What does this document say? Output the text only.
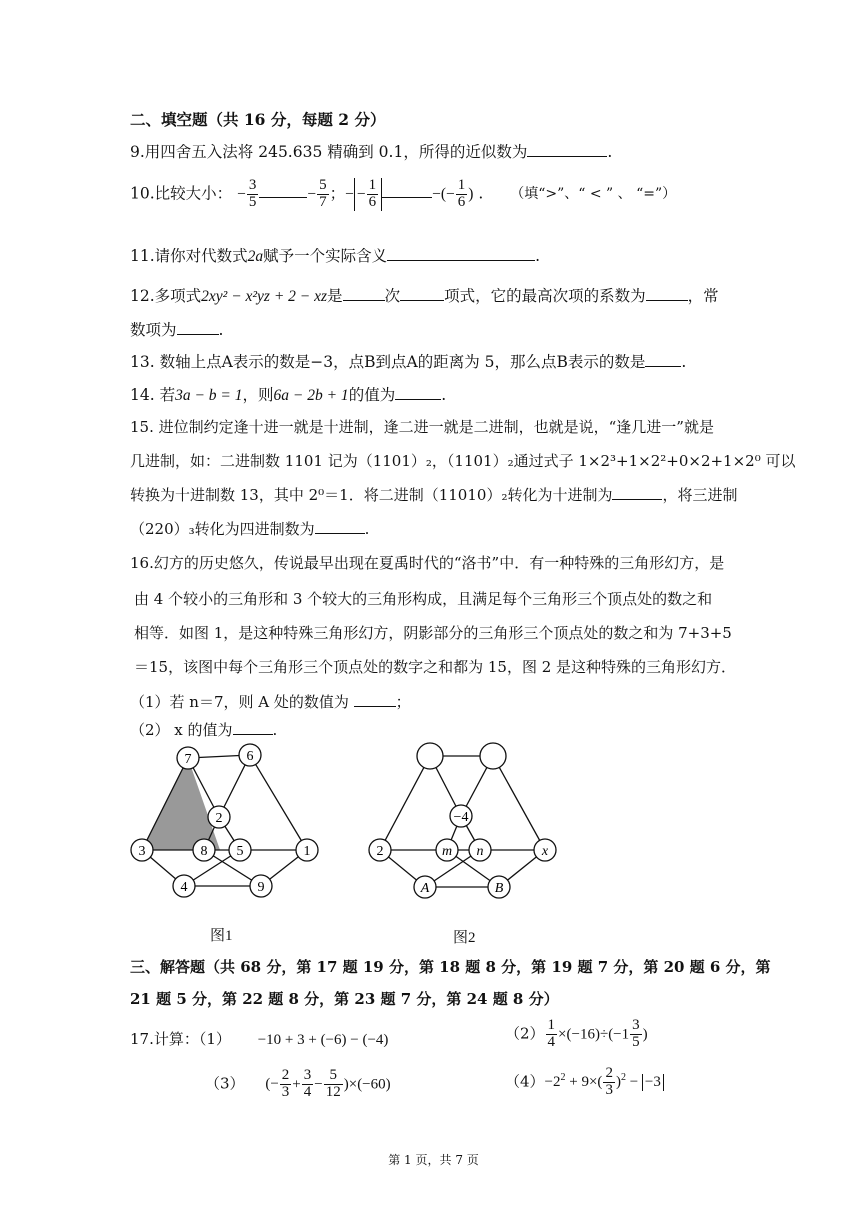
二、填空题（共 16 分，每题 2 分）
9.用四舍五入法将 245.635 精确到 0.1，所得的近似数为	.
10.比较大小： − $\frac{3}{5}$	− $\frac{5}{7}$ ；− − $\frac{1}{6}$	−(− $\frac{1}{6}$ ) . （填“>”、“ < ” 、 “=”）
11.请你对代数式2a赋予一个实际含义	.
12.多项式2xy² − x²yz + 2 − xz是	次	项式，它的最高次项的系数为	，常
数项为	.
13. 数轴上点A表示的数是−3，点B到点A的距离为 5，那么点B表示的数是 .
14. 若3a − b = 1，则6a − 2b + 1的值为	.
15. 进位制约定逢十进一就是十进制，逢二进一就是二进制，也就是说，“逢几进一”就是
几进制，如：二进制数 1101 记为（1101）₂，（1101）₂通过式子 1×2³+1×2²+0×2+1×2⁰ 可以
转换为十进制数 13，其中 2⁰＝1．将二进制（11010）₂转化为十进制为	，将三进制
（220）₃转化为四进制数为	.
16.幻方的历史悠久，传说最早出现在夏禹时代的“洛书”中．有一种特殊的三角形幻方，是
由 4 个较小的三角形和 3 个较大的三角形构成，且满足每个三角形三个顶点处的数之和
相等．如图 1，是这种特殊三角形幻方，阴影部分的三角形三个顶点处的数之和为 7+3+5
＝15，该图中每个三角形三个顶点处的数字之和都为 15，图 2 是这种特殊的三角形幻方．
（1）若 n＝7，则 A 处的数值为	；
（2） x 的值为	.
7	6
2
3	8 5	1
4	9
图1
−4
2	m n	x
A	B
图2
三、解答题（共 68 分，第 17 题 19 分，第 18 题 8 分，第 19 题 7 分，第 20 题 6 分，第
21 题 5 分，第 22 题 8 分，第 23 题 7 分，第 24 题 8 分）
17.计算：（1） −10 + 3 + (−6) − (−4)	$(2) \frac{1}{4} \times(-16)\div(-1 \frac{3}{5}$ )
（3） (− $\frac{2}{3} + \frac{3}{4} - \frac{5}{12} )\times(-60)$	$(4)-2^2 + 9\times( \frac{2}{3} )^2 - -3$
第 1 页，共 7 页
